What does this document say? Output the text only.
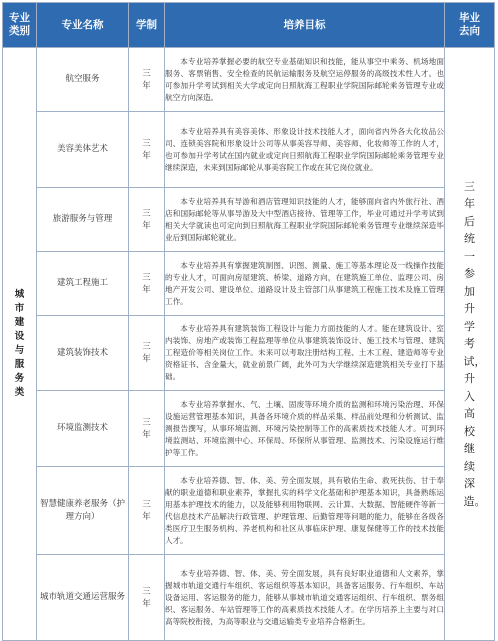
专业类别	专业名称	学制	培养目标	毕业去向
城市建设与服务类	航空服务	三年	本专业培养掌握必要的航空专业基础知识和技能，能从事空中乘务、机场地面服务、客票销售、安全检查的民航运输服务及航空运停服务的高级技术性人才。也可参加升学考试到相关大学或定向日照航海工程职业学院国际邮轮乘务管理专业或航空方向深造。	三年后统一参加升学考试，升入高校继续深造。
	美容美体艺术	三年	本专业培养具有美容美体、形象设计技术技能人才，面向省内外各大化妆品公司、连锁美容院和形象设计公司等从事美容导师、美容师、化妆师等工作的人才，也可参加升学考试在国内就业或定向日照航海工程职业学院国际邮轮乘务管理专业继续深造，未来到国际邮轮从事美容院工作或在其它岗位就业。	

	旅游服务与管理	三年	本专业培养具有导游和酒店管理知识技能的人才，能够面向省内外旅行社、酒店和国际邮轮等从事导游及大中型酒店接待、管理等工作，毕业可通过升学考试到相关大学就读也可定向到日照航海工程职业学院国际邮轮乘务管理专业继续深造毕业后到国际邮轮就业。	

	建筑工程施工	三年	本专业培养具有掌握建筑制图、识图、测量、施工等基本理论及一线操作技能的专业人才，可面向房屋建筑、桥梁、道路方向，在建筑施工单位、监理公司、房地产开发公司、建设单位、道路设计及主管部门从事建筑工程施工技术及施工管理工作。	

	建筑装饰技术	三年	本专业培养具有建筑装饰工程设计与能力方面技能的人才。能在建筑设计、室内装饰、房地产或装饰工程监理等单位从事建筑装饰设计、施工技术与管理、建筑工程造价等相关岗位工作。未来可以考取注册结构工程、土木工程、建造师等专业资格证书、含金量大，就业前景广阔，此外可为大学继续深造建筑相关专业打下基础。	

	环境监测技术	三年	本专业培养掌握水、气、土壤、固废等环境介质的监测和环境污染治理、环保设施运营管理基本知识，具备各环境介质的样品采集、样品前处理和分析测试、监测报告撰写，从事环境监测、环境污染控制等工作的高素质技术技能人才。可到环境监测站、环境监测中心、环保局、环保所从事管理、监测技术、污染设施运行维护等工作。	

	智慧健康养老服务（护理方向）	三年	本专业培养德、智、体、美、劳全面发展，具有敬佑生命、救死扶伤、甘于奉献的职业道德和职业素养，掌握扎实的科学文化基础和护理基本知识，具备熟练运用基本护理技术的能力，以及能够利用物联网、云计算、大数据、智能硬件等新一代信息技术产品解决行政管理、护理管理、后勤管理等问题的能力，能够在各级各类医疗卫生服务机构、养老机构和社区从事临床护理、康复保健等工作的技术技能人才。	

	城市轨道交通运营服务	三年	本专业培养德、智、体、美、劳全面发展，具有良好职业道德和人文素养，掌握城市轨道交通行车组织、客运组织等基本知识，具备客运服务、行车组织、车站设备运用、客运服务的能力，能够从事城市轨道交通客运组织、行车组织、票务组织、客运服务、车站管理等工作的高素质技术技能人才。在学历培养上主要与对口高等院校衔接，为高等职业与交通运输类专业培养合格新生。	
